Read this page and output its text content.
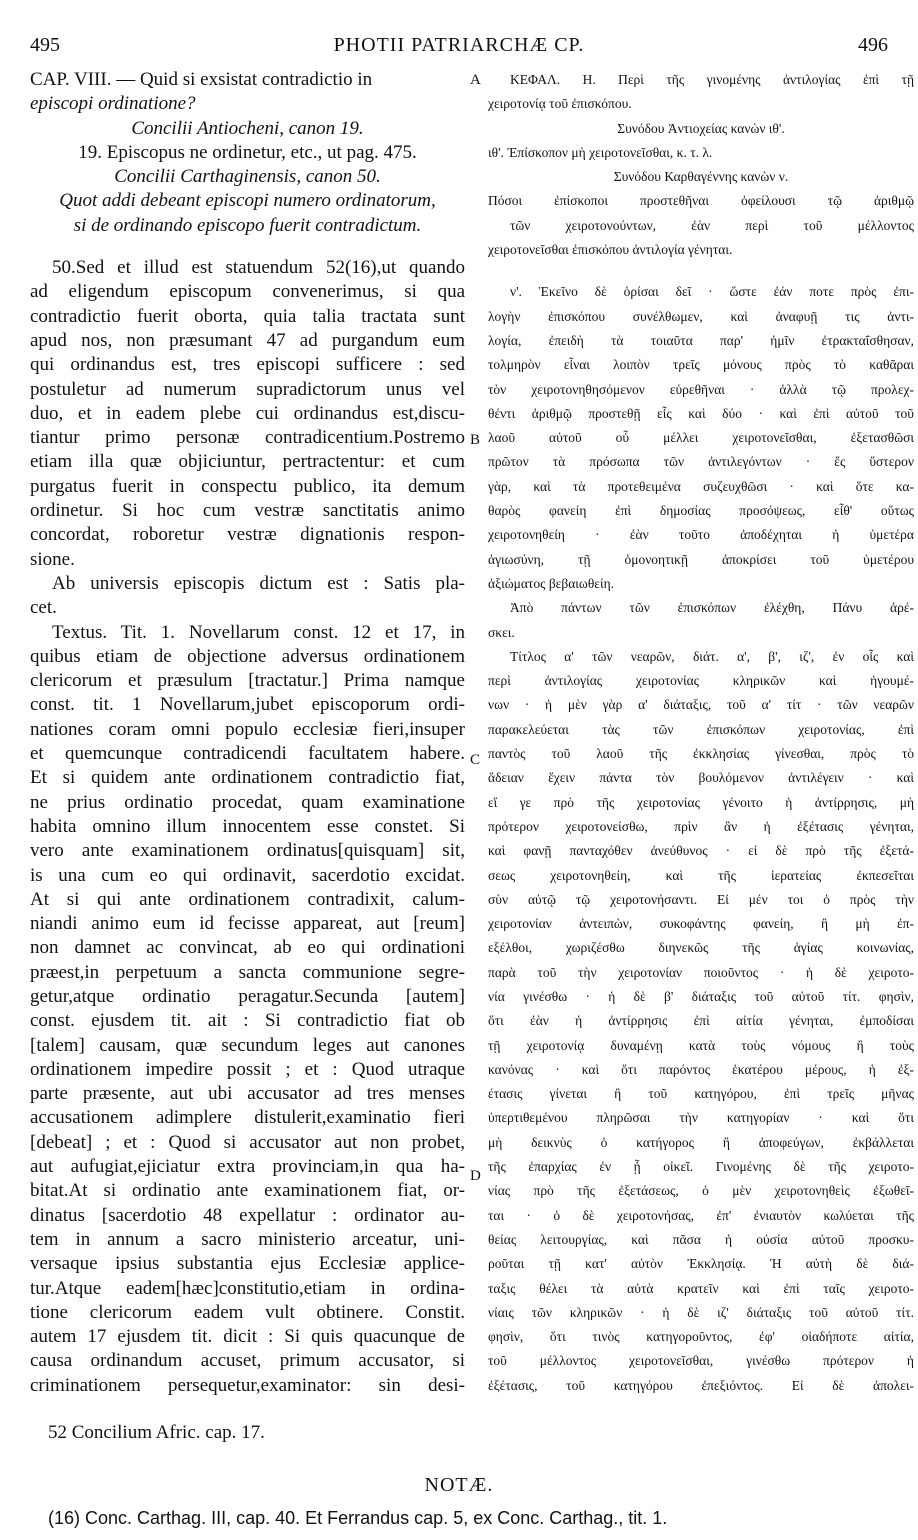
495	PHOTII PATRIARCHÆ CP.	496
CAP. VIII. — Quid si exsistat contradictio in
episcopi ordinatione?
Concilii Antiocheni, canon 19.
19. Episcopus ne ordinetur, etc., ut pag. 475.
Concilii Carthaginensis, canon 50.
Quot addi debeant episcopi numero ordinatorum,
si de ordinando episcopo fuerit contradictum.
50.Sed et illud est statuendum 52(16),ut quando
ad eligendum episcopum convenerimus, si qua
contradictio fuerit oborta, quia talia tractata sunt
apud nos, non præsumant 47 ad purgandum eum
qui ordinandus est, tres episcopi sufficere : sed
postuletur ad numerum supradictorum unus vel
duo, et in eadem plebe cui ordinandus est,discu-
tiantur primo personæ contradicentium.Postremo
etiam illa quæ objiciuntur, pertractentur: et cum
purgatus fuerit in conspectu publico, ita demum
ordinetur. Si hoc cum vestræ sanctitatis animo
concordat, roboretur vestræ dignationis respon-
sione.
Ab universis episcopis dictum est : Satis pla-
cet.
Textus. Tit. 1. Novellarum const. 12 et 17, in
quibus etiam de objectione adversus ordinationem
clericorum et præsulum [tractatur.] Prima namque
const. tit. 1 Novellarum,jubet episcoporum ordi-
nationes coram omni populo ecclesiæ fieri,insuper
et quemcunque contradicendi facultatem habere.
Et si quidem ante ordinationem contradictio fiat,
ne prius ordinatio procedat, quam examinatione
habita omnino illum innocentem esse constet. Si
vero ante examinationem ordinatus[quisquam] sit,
is una cum eo qui ordinavit, sacerdotio excidat.
At si qui ante ordinationem contradixit, calum-
niandi animo eum id fecisse appareat, aut [reum]
non damnet ac convincat, ab eo qui ordinationi
præest,in perpetuum a sancta communione segre-
getur,atque ordinatio peragatur.Secunda [autem]
const. ejusdem tit. ait : Si contradictio fiat ob
[talem] causam, quæ secundum leges aut canones
ordinationem impedire possit ; et : Quod utraque
parte præsente, aut ubi accusator ad tres menses
accusationem adimplere distulerit,examinatio fieri
[debeat] ; et : Quod si accusator aut non probet,
aut aufugiat,ejiciatur extra provinciam,in qua ha-
bitat.At si ordinatio ante examinationem fiat, or-
dinatus [sacerdotio 48 expellatur : ordinator au-
tem in annum a sacro ministerio arceatur, uni-
versaque ipsius substantia ejus Ecclesiæ applice-
tur.Atque eadem[hæc]constitutio,etiam in ordina-
tione clericorum eadem vult obtinere. Constit.
autem 17 ejusdem tit. dicit : Si quis quacunque de
causa ordinandum accuset, primum accusator, si
criminationem persequetur,examinator: sin desi-
ΚΕΦΑΛ. Η. Περὶ τῆς γινομένης ἀντιλογίας ἐπὶ τῇ
χειροτονίᾳ τοῦ ἐπισκόπου.
Συνόδου Ἀντιοχείας κανὼν ιθ'.
ιθ'. Ἐπίσκοπον μὴ χειροτονεῖσθαι, κ. τ. λ.
Συνόδου Καρθαγέννης κανὼν ν.
Πόσοι ἐπίσκοποι προστεθῆναι ὀφείλουσι τῷ ἀριθμῷ
τῶν χειροτονούντων, ἐὰν περὶ τοῦ μέλλοντος
χειροτονεῖσθαι ἐπισκόπου ἀντιλογία γένηται.
ν'. Ἐκεῖνο δὲ ὁρίσαι δεῖ · ὥστε ἐάν ποτε πρὸς ἐπι-
λογὴν ἐπισκόπου συνέλθωμεν, καὶ ἀναφυῇ τις ἀντι-
λογία, ἐπειδὴ τὰ τοιαῦτα παρ' ἡμῖν ἐτρακταΐσθησαν,
τολμηρὸν εἶναι λοιπὸν τρεῖς μόνους πρὸς τὸ καθᾶραι
τὸν χειροτονηθησόμενον εὑρεθῆναι · ἀλλὰ τῷ προλεχ-
θέντι ἀριθμῷ προστεθῇ εἷς καὶ δύο · καὶ ἐπὶ αὐτοῦ τοῦ
λαοῦ αὐτοῦ οὗ μέλλει χειροτονεῖσθαι, ἐξετασθῶσι
πρῶτον τὰ πρόσωπα τῶν ἀντιλεγόντων · ἔς ὕστερον
γὰρ, καὶ τὰ προτεθειμένα συζευχθῶσι · καὶ ὅτε κα-
θαρὸς φανείη ἐπὶ δημοσίας προσόψεως, εἶθ' οὕτως
χειροτονηθείη · ἐὰν τοῦτο ἀποδέχηται ἡ ὑμετέρα
ἁγιωσύνη, τῇ ὁμονοητικῇ ἀποκρίσει τοῦ ὑμετέρου
ἀξιώματος βεβαιωθείη.
Ἀπὸ πάντων τῶν ἐπισκόπων ἐλέχθη, Πάνυ ἀρέ-
σκει.
Τίτλος α' τῶν νεαρῶν, διάτ. α', β', ιζ', ἐν οἷς καὶ
περὶ ἀντιλογίας χειροτονίας κληρικῶν καὶ ἡγουμέ-
νων · ἡ μὲν γὰρ α' διάταξις, τοῦ α' τίτ · τῶν νεαρῶν
παρακελεύεται τὰς τῶν ἐπισκόπων χειροτονίας, ἐπὶ
παντὸς τοῦ λαοῦ τῆς ἐκκλησίας γίνεσθαι, πρὸς τὸ
ἄδειαν ἔχειν πάντα τὸν βουλόμενον ἀντιλέγειν · καὶ
εἴ γε πρὸ τῆς χειροτονίας γένοιτο ἡ ἀντίρρησις, μὴ
πρότερον χειροτονείσθω, πρὶν ἂν ἡ ἐξέτασις γένηται,
καὶ φανῇ πανταχόθεν ἀνεύθυνος · εἰ δὲ πρὸ τῆς ἐξετά-
σεως χειροτονηθείη, καὶ τῆς ἱερατείας ἐκπεσεῖται
σὺν αὐτῷ τῷ χειροτονήσαντι. Εἰ μέν τοι ὁ πρὸς τὴν
χειροτονίαν ἀντειπὼν, συκοφάντης φανείη, ἢ μὴ ἐπ-
εξέλθοι, χωριζέσθω διηνεκῶς τῆς ἁγίας κοινωνίας,
παρὰ τοῦ τὴν χειροτονίαν ποιοῦντος · ἡ δὲ χειροτο-
νία γινέσθω · ἡ δὲ β' διάταξις τοῦ αὐτοῦ τίτ. φησὶν,
ὅτι ἐὰν ἡ ἀντίρρησις ἐπὶ αἰτία γένηται, ἐμποδίσαι
τῇ χειροτονίᾳ δυναμένῃ κατὰ τοὺς νόμους ἢ τοὺς
κανόνας · καὶ ὅτι παρόντος ἑκατέρου μέρους, ἡ ἐξ-
έτασις γίνεται ἢ τοῦ κατηγόρου, ἐπὶ τρεῖς μῆνας
ὑπερτιθεμένου πληρῶσαι τὴν κατηγορίαν · καὶ ὅτι
μὴ δεικνὺς ὁ κατήγορος ἢ ἀποφεύγων, ἐκβάλλεται
τῆς ἐπαρχίας ἐν ᾗ οἰκεῖ. Γινομένης δὲ τῆς χειροτο-
νίας πρὸ τῆς ἐξετάσεως, ὁ μὲν χειροτονηθεὶς ἐξωθεῖ-
ται · ὁ δὲ χειροτονήσας, ἐπ' ἐνιαυτὸν κωλύεται τῆς
θείας λειτουργίας, καὶ πᾶσα ἡ οὐσία αὐτοῦ προσκυ-
ροῦται τῇ κατ' αὐτὸν Ἐκκλησίᾳ. Ἡ αὐτὴ δὲ διά-
ταξις θέλει τὰ αὐτὰ κρατεῖν καὶ ἐπὶ ταῖς χειροτο-
νίαις τῶν κληρικῶν · ἡ δὲ ιζ' διάταξις τοῦ αὐτοῦ τίτ.
φησὶν, ὅτι τινὸς κατηγοροῦντος, ἐφ' οἱαδήποτε αἰτία,
τοῦ μέλλοντος χειροτονεῖσθαι, γινέσθω πρότερον ἡ
ἐξέτασις, τοῦ κατηγόρου ἐπεξιόντος. Εἰ δὲ ἀπολει-
A
B
C
D
52 Concilium Afric. cap. 17.
NOTÆ.
(16) Conc. Carthag. III, cap. 40. Et Ferrandus cap. 5, ex Conc. Carthag., tit. 1.
